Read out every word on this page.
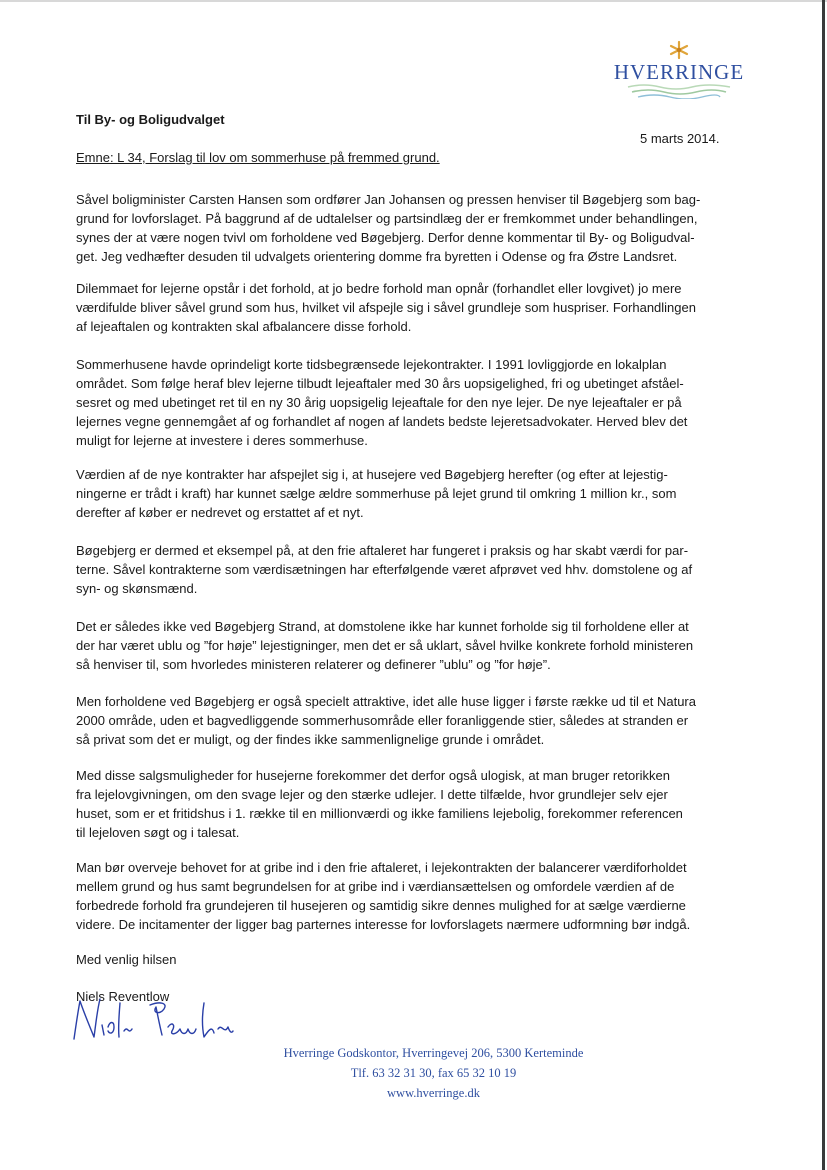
HVERRINGE
Til By- og Boligudvalget
5 marts 2014.
Emne: L 34, Forslag til lov om sommerhuse på fremmed grund.

Såvel boligminister Carsten Hansen som ordfører Jan Johansen og pressen henviser til Bøgebjerg som bag-
grund for lovforslaget. På baggrund af de udtalelser og partsindlæg der er fremkommet under behandlingen,
synes der at være nogen tvivl om forholdene ved Bøgebjerg. Derfor denne kommentar til By- og Boligudval-
get. Jeg vedhæfter desuden til udvalgets orientering domme fra byretten i Odense og fra Østre Landsret.

Dilemmaet for lejerne opstår i det forhold, at jo bedre forhold man opnår (forhandlet eller lovgivet) jo mere
værdifulde bliver såvel grund som hus, hvilket vil afspejle sig i såvel grundleje som huspriser. Forhandlingen
af lejeaftalen og kontrakten skal afbalancere disse forhold.

Sommerhusene havde oprindeligt korte tidsbegrænsede lejekontrakter. I 1991 lovliggjorde en lokalplan
området. Som følge heraf blev lejerne tilbudt lejeaftaler med 30 års uopsigelighed, fri og ubetinget afståel-
sesret og med ubetinget ret til en ny 30 årig uopsigelig lejeaftale for den nye lejer. De nye lejeaftaler er på
lejernes vegne gennemgået af og forhandlet af nogen af landets bedste lejeretsadvokater. Herved blev det
muligt for lejerne at investere i deres sommerhuse.

Værdien af de nye kontrakter har afspejlet sig i, at husejere ved Bøgebjerg herefter (og efter at lejestig-
ningerne er trådt i kraft) har kunnet sælge ældre sommerhuse på lejet grund til omkring 1 million kr., som
derefter af køber er nedrevet og erstattet af et nyt.

Bøgebjerg er dermed et eksempel på, at den frie aftaleret har fungeret i praksis og har skabt værdi for par-
terne. Såvel kontrakterne som værdisætningen har efterfølgende været afprøvet ved hhv. domstolene og af
syn- og skønsmænd.

Det er således ikke ved Bøgebjerg Strand, at domstolene ikke har kunnet forholde sig til forholdene eller at
der har været ublu og ”for høje” lejestigninger, men det er så uklart, såvel hvilke konkrete forhold ministeren
så henviser til, som hvorledes ministeren relaterer og definerer ”ublu” og ”for høje”.

Men forholdene ved Bøgebjerg er også specielt attraktive, idet alle huse ligger i første række ud til et Natura
2000 område, uden et bagvedliggende sommerhusområde eller foranliggende stier, således at stranden er
så privat som det er muligt, og der findes ikke sammenlignelige grunde i området.

Med disse salgsmuligheder for husejerne forekommer det derfor også ulogisk, at man bruger retorikken
fra lejelovgivningen, om den svage lejer og den stærke udlejer. I dette tilfælde, hvor grundlejer selv ejer
huset, som er et fritidshus i 1. række til en millionværdi og ikke familiens lejebolig, forekommer referencen
til lejeloven søgt og i talesat.

Man bør overveje behovet for at gribe ind i den frie aftaleret, i lejekontrakten der balancerer værdiforholdet
mellem grund og hus samt begrundelsen for at gribe ind i værdiansættelsen og omfordele værdien af de
forbedrede forhold fra grundejeren til husejeren og samtidig sikre dennes mulighed for at sælge værdierne
videre. De incitamenter der ligger bag parternes interesse for lovforslagets nærmere udformning bør indgå.

Med venlig hilsen
Niels Reventlow
Hverringe Godskontor, Hverringevej 206, 5300 Kerteminde
Tlf. 63 32 31 30, fax 65 32 10 19
www.hverringe.dk
